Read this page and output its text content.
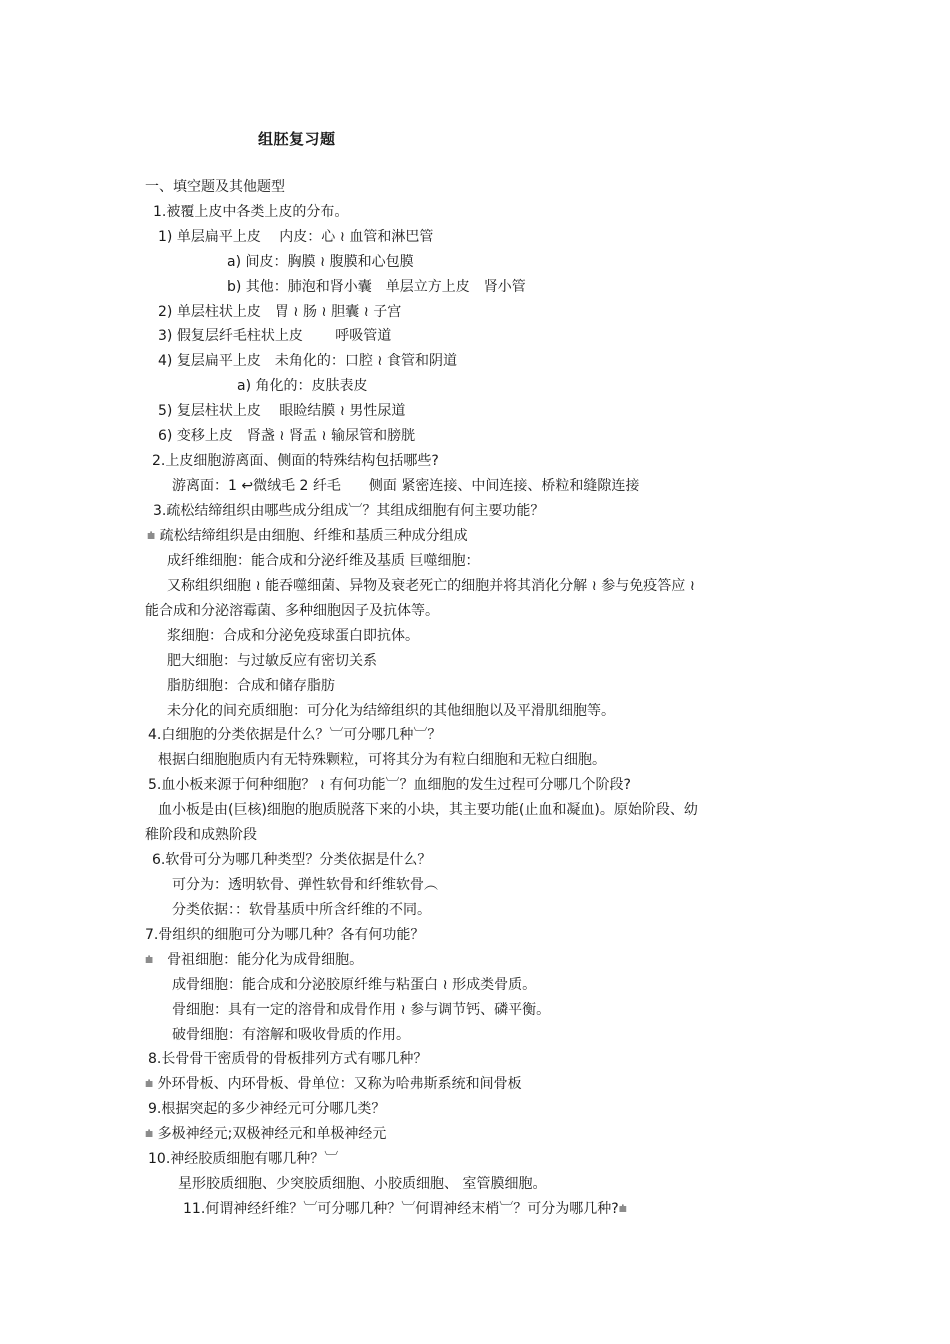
组胚复习题
一、填空题及其他题型
1.被覆上皮中各类上皮的分布。
1) 单层扁平上皮　 内皮：心 ≀ 血管和淋巴管
a) 间皮：胸膜 ≀ 腹膜和心包膜
b) 其他：肺泡和肾小囊　单层立方上皮　肾小管
2) 单层柱状上皮　胃 ≀ 肠 ≀ 胆囊 ≀ 子宫
3) 假复层纤毛柱状上皮　　 呼吸管道
4) 复层扁平上皮　未角化的：口腔 ≀ 食管和阴道
a) 角化的：皮肤表皮
5) 复层柱状上皮　 眼睑结膜 ≀ 男性尿道
6) 变移上皮　肾盏 ≀ 肾盂 ≀ 输尿管和膀胱
2.上皮细胞游离面、侧面的特殊结构包括哪些?
游离面：1 ↩微绒毛 2 纤毛　　侧面 紧密连接、中间连接、桥粒和缝隙连接
3.疏松结缔组织由哪些成分组成︺？其组成细胞有何主要功能？
⩧ 疏松结缔组织是由细胞、纤维和基质三种成分组成
成纤维细胞：能合成和分泌纤维及基质 巨噬细胞：
又称组织细胞 ≀ 能吞噬细菌、异物及衰老死亡的细胞并将其消化分解 ≀ 参与免疫答应 ≀
能合成和分泌溶霉菌、多种细胞因子及抗体等。
浆细胞：合成和分泌免疫球蛋白即抗体。
肥大细胞：与过敏反应有密切关系
脂肪细胞：合成和储存脂肪
未分化的间充质细胞：可分化为结缔组织的其他细胞以及平滑肌细胞等。
4.白细胞的分类依据是什么？︺可分哪几种︺？
根据白细胞胞质内有无特殊颗粒，可将其分为有粒白细胞和无粒白细胞。
5.血小板来源于何种细胞？ ≀ 有何功能︺？血细胞的发生过程可分哪几个阶段?
血小板是由(巨核)细胞的胞质脱落下来的小块，其主要功能(止血和凝血)。原始阶段、幼
稚阶段和成熟阶段
6.软骨可分为哪几种类型？分类依据是什么？
可分为：透明软骨、弹性软骨和纤维软骨︵
分类依据：：软骨基质中所含纤维的不同。
7.骨组织的细胞可分为哪几种？各有何功能？
⩧　骨祖细胞：能分化为成骨细胞。
成骨细胞：能合成和分泌胶原纤维与粘蛋白 ≀ 形成类骨质。
骨细胞：具有一定的溶骨和成骨作用 ≀ 参与调节钙、磷平衡。
破骨细胞：有溶解和吸收骨质的作用。
8.长骨骨干密质骨的骨板排列方式有哪几种？
⩧ 外环骨板、内环骨板、骨单位：又称为哈弗斯系统和间骨板
9.根据突起的多少神经元可分哪几类？
⩧ 多极神经元;双极神经元和单极神经元
10.神经胶质细胞有哪几种？︺
星形胶质细胞、少突胶质细胞、小胶质细胞、 室管膜细胞。
11.何谓神经纤维？︺可分哪几种？︺何谓神经末梢︺？可分为哪几种?⩧
